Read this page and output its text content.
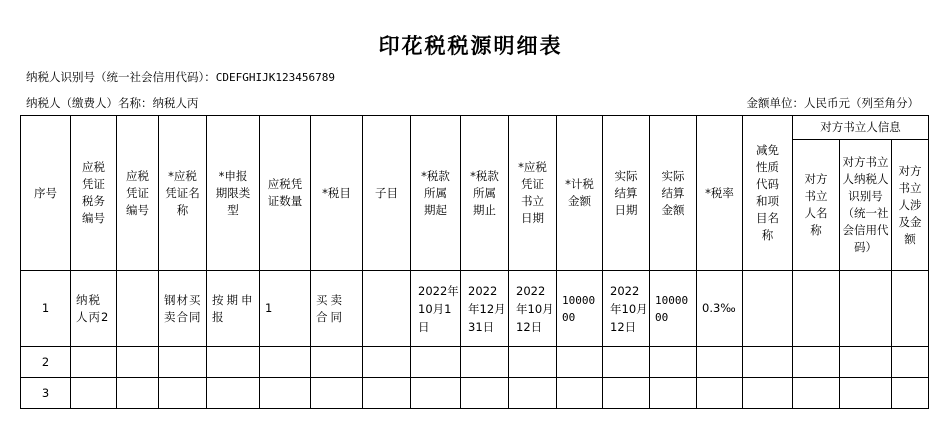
印花税税源明细表
纳税人识别号（统一社会信用代码）：CDEFGHIJK123456789
纳税人（缴费人）名称：纳税人丙	金额单位：人民币元（列至角分）
序号	应税凭证税务编号	应税凭证编号	*应税凭证名称	*申报期限类型	应税凭证数量	*税目	子目	*税款所属期起	*税款所属期止	*应税凭证书立日期	*计税金额	实际结算日期	实际结算金额	*税率	减免性质代码和项目名称	对方书立人信息		
																对方书立人名称	对方书立人纳税人识别号（统一社会信用代码）	对方书立人涉及金额
1	纳税人丙2		钢材买卖合同	按期申报	1	买卖合同		2022年10月1日	2022年12月31日	2022年10月12日	1000000	2022年10月12日	1000000	0.3‰				
2																		
3																		
